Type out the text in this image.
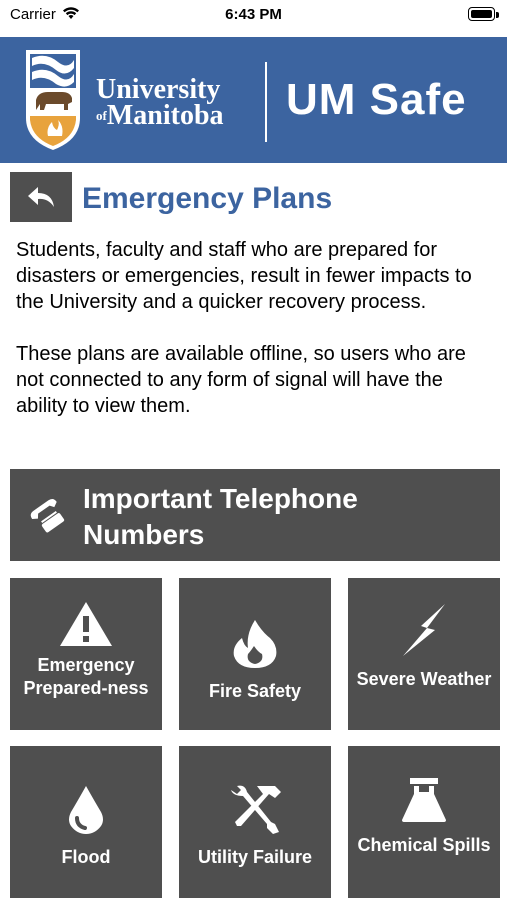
Carrier	6:43 PM
University
$^{of}$Manitoba UM Safe
Emergency Plans

Students, faculty and staff who are prepared for disasters or emergencies, result in fewer impacts to the University and a quicker recovery process.

These plans are available offline, so users who are not connected to any form of signal will have the ability to view them.

Important Telephone Numbers
Emergency Prepared-ness	Fire Safety
Severe Weather
Flood	Utility Failure
Chemical Spills
